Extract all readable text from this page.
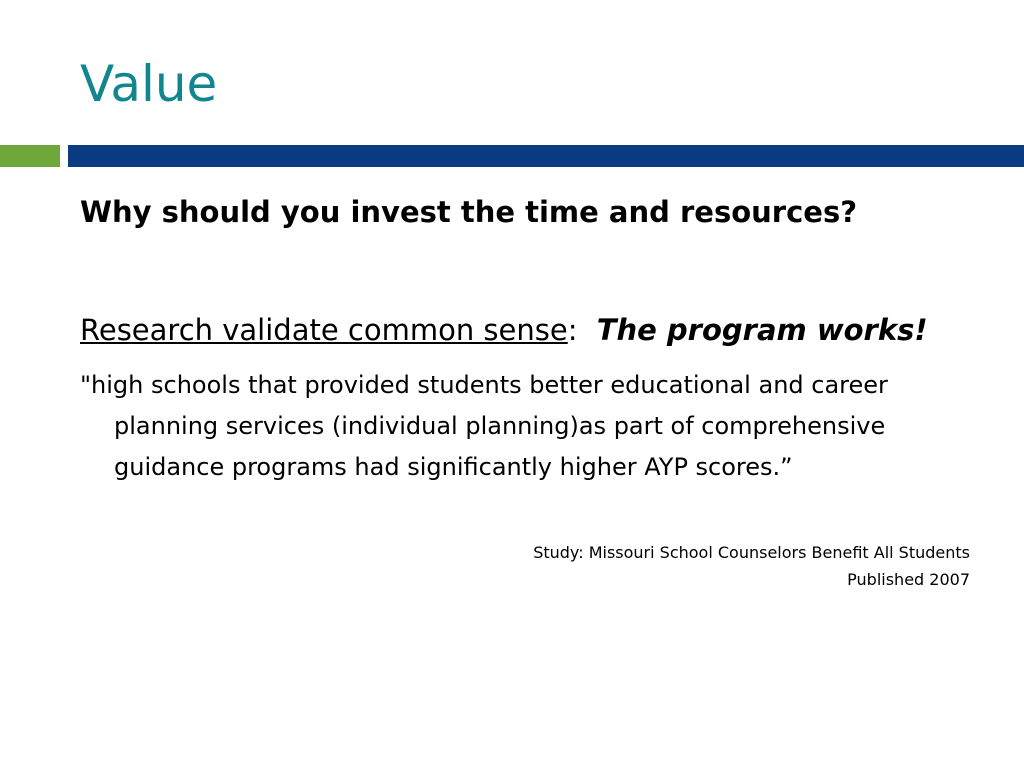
Value

Why should you invest the time and resources?

Research validate common sense: The program works!

"high schools that provided students better educational and career planning services (individual planning)as part of comprehensive guidance programs had significantly higher AYP scores.”

Study: Missouri School Counselors Benefit All Students
Published 2007
